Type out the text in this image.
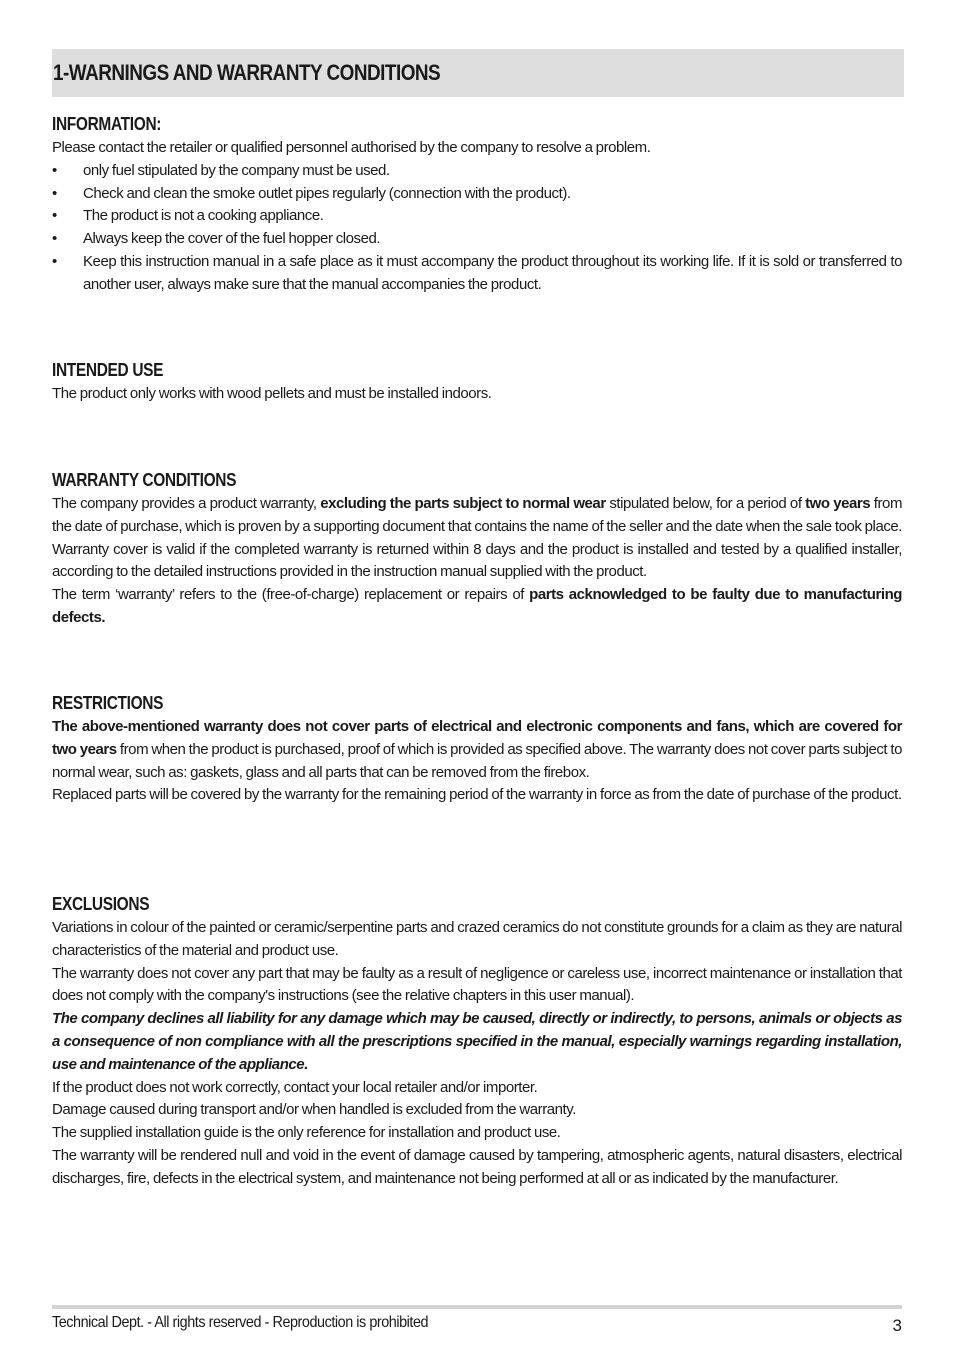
1-WARNINGS AND WARRANTY CONDITIONS
INFORMATION:

Please contact the retailer or qualified personnel authorised by the company to resolve a problem.

•	only fuel stipulated by the company must be used.
•	Check and clean the smoke outlet pipes regularly (connection with the product).
•	The product is not a cooking appliance.
•	Always keep the cover of the fuel hopper closed.
•	Keep this instruction manual in a safe place as it must accompany the product throughout its working life. If it is sold or transferred to another user, always make sure that the manual accompanies the product.
INTENDED USE

The product only works with wood pellets and must be installed indoors.

WARRANTY CONDITIONS

The company provides a product warranty, excluding the parts subject to normal wear stipulated below, for a period of two years from the date of purchase, which is proven by a supporting document that contains the name of the seller and the date when the sale took place. Warranty cover is valid if the completed warranty is returned within 8 days and the product is installed and tested by a qualified installer, according to the detailed instructions provided in the instruction manual supplied with the product.

The term ‘warranty’ refers to the (free-of-charge) replacement or repairs of parts acknowledged to be faulty due to manufacturing defects.

RESTRICTIONS

The above-mentioned warranty does not cover parts of electrical and electronic components and fans, which are covered for two years from when the product is purchased, proof of which is provided as specified above. The warranty does not cover parts subject to normal wear, such as: gaskets, glass and all parts that can be removed from the firebox.

Replaced parts will be covered by the warranty for the remaining period of the warranty in force as from the date of purchase of the product.

EXCLUSIONS

Variations in colour of the painted or ceramic/serpentine parts and crazed ceramics do not constitute grounds for a claim as they are natural characteristics of the material and product use.

The warranty does not cover any part that may be faulty as a result of negligence or careless use, incorrect maintenance or installation that does not comply with the company's instructions (see the relative chapters in this user manual).

The company declines all liability for any damage which may be caused, directly or indirectly, to persons, animals or objects as a consequence of non compliance with all the prescriptions specified in the manual, especially warnings regarding installation, use and maintenance of the appliance.

If the product does not work correctly, contact your local retailer and/or importer.

Damage caused during transport and/or when handled is excluded from the warranty.

The supplied installation guide is the only reference for installation and product use.

The warranty will be rendered null and void in the event of damage caused by tampering, atmospheric agents, natural disasters, electrical discharges, fire, defects in the electrical system, and maintenance not being performed at all or as indicated by the manufacturer.

Technical Dept. - All rights reserved - Reproduction is prohibited	3
